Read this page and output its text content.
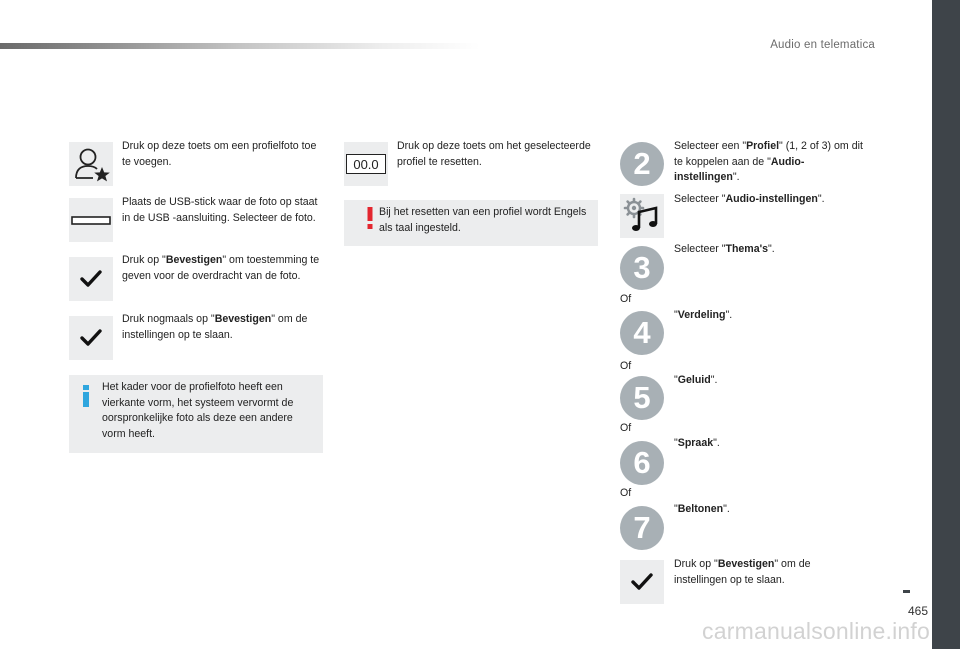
Audio en telematica
465
carmanualsonline.info
Druk op deze toets om een profielfoto toe te voegen.
Plaats de USB-stick waar de foto op staat in de USB -aansluiting. Selecteer de foto.
Druk op "Bevestigen" om toestemming te geven voor de overdracht van de foto.
Druk nogmaals op "Bevestigen" om de instellingen op te slaan.
Het kader voor de profielfoto heeft een vierkante vorm, het systeem vervormt de oorspronkelijke foto als deze een andere vorm heeft.
00.0
Druk op deze toets om het geselecteerde profiel te resetten.
Bij het resetten van een profiel wordt Engels als taal ingesteld.
2	Selecteer een "Profiel" (1, 2 of 3) om dit te koppelen aan de "Audio-instellingen".
Selecteer "Audio-instellingen".
3
Selecteer "Thema's".
Of
4	"Verdeling".
Of
5	"Geluid".
Of
6
"Spraak".
Of
7
"Beltonen".
Druk op "Bevestigen" om de instellingen op te slaan.
